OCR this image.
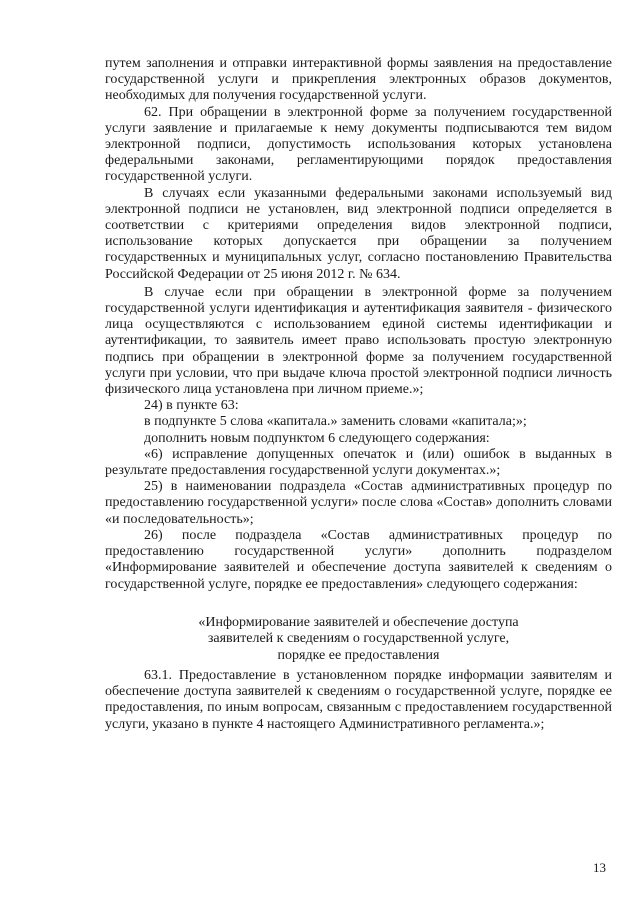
путем заполнения и отправки интерактивной формы заявления на предоставление государственной услуги и прикрепления электронных образов документов, необходимых для получения государственной услуги.

62. При обращении в электронной форме за получением государственной услуги заявление и прилагаемые к нему документы подписываются тем видом электронной подписи, допустимость использования которых установлена федеральными законами, регламентирующими порядок предоставления государственной услуги.

В случаях если указанными федеральными законами используемый вид электронной подписи не установлен, вид электронной подписи определяется в соответствии с критериями определения видов электронной подписи, использование которых допускается при обращении за получением государственных и муниципальных услуг, согласно постановлению Правительства Российской Федерации от 25 июня 2012 г. № 634.

В случае если при обращении в электронной форме за получением государственной услуги идентификация и аутентификация заявителя - физического лица осуществляются с использованием единой системы идентификации и аутентификации, то заявитель имеет право использовать простую электронную подпись при обращении в электронной форме за получением государственной услуги при условии, что при выдаче ключа простой электронной подписи личность физического лица установлена при личном приеме.»;

24) в пункте 63:

в подпункте 5 слова «капитала.» заменить словами «капитала;»;

дополнить новым подпунктом 6 следующего содержания:

«6) исправление допущенных опечаток и (или) ошибок в выданных в результате предоставления государственной услуги документах.»;

25) в наименовании подраздела «Состав административных процедур по предоставлению государственной услуги» после слова «Состав» дополнить словами «и последовательность»;

26) после подраздела «Состав административных процедур по предоставлению государственной услуги» дополнить подразделом «Информирование заявителей и обеспечение доступа заявителей к сведениям о государственной услуге, порядке ее предоставления» следующего содержания:

«Информирование заявителей и обеспечение доступа
заявителей к сведениям о государственной услуге,
порядке ее предоставления

63.1. Предоставление в установленном порядке информации заявителям и обеспечение доступа заявителей к сведениям о государственной услуге, порядке ее предоставления, по иным вопросам, связанным с предоставлением государственной услуги, указано в пункте 4 настоящего Административного регламента.»;

13
